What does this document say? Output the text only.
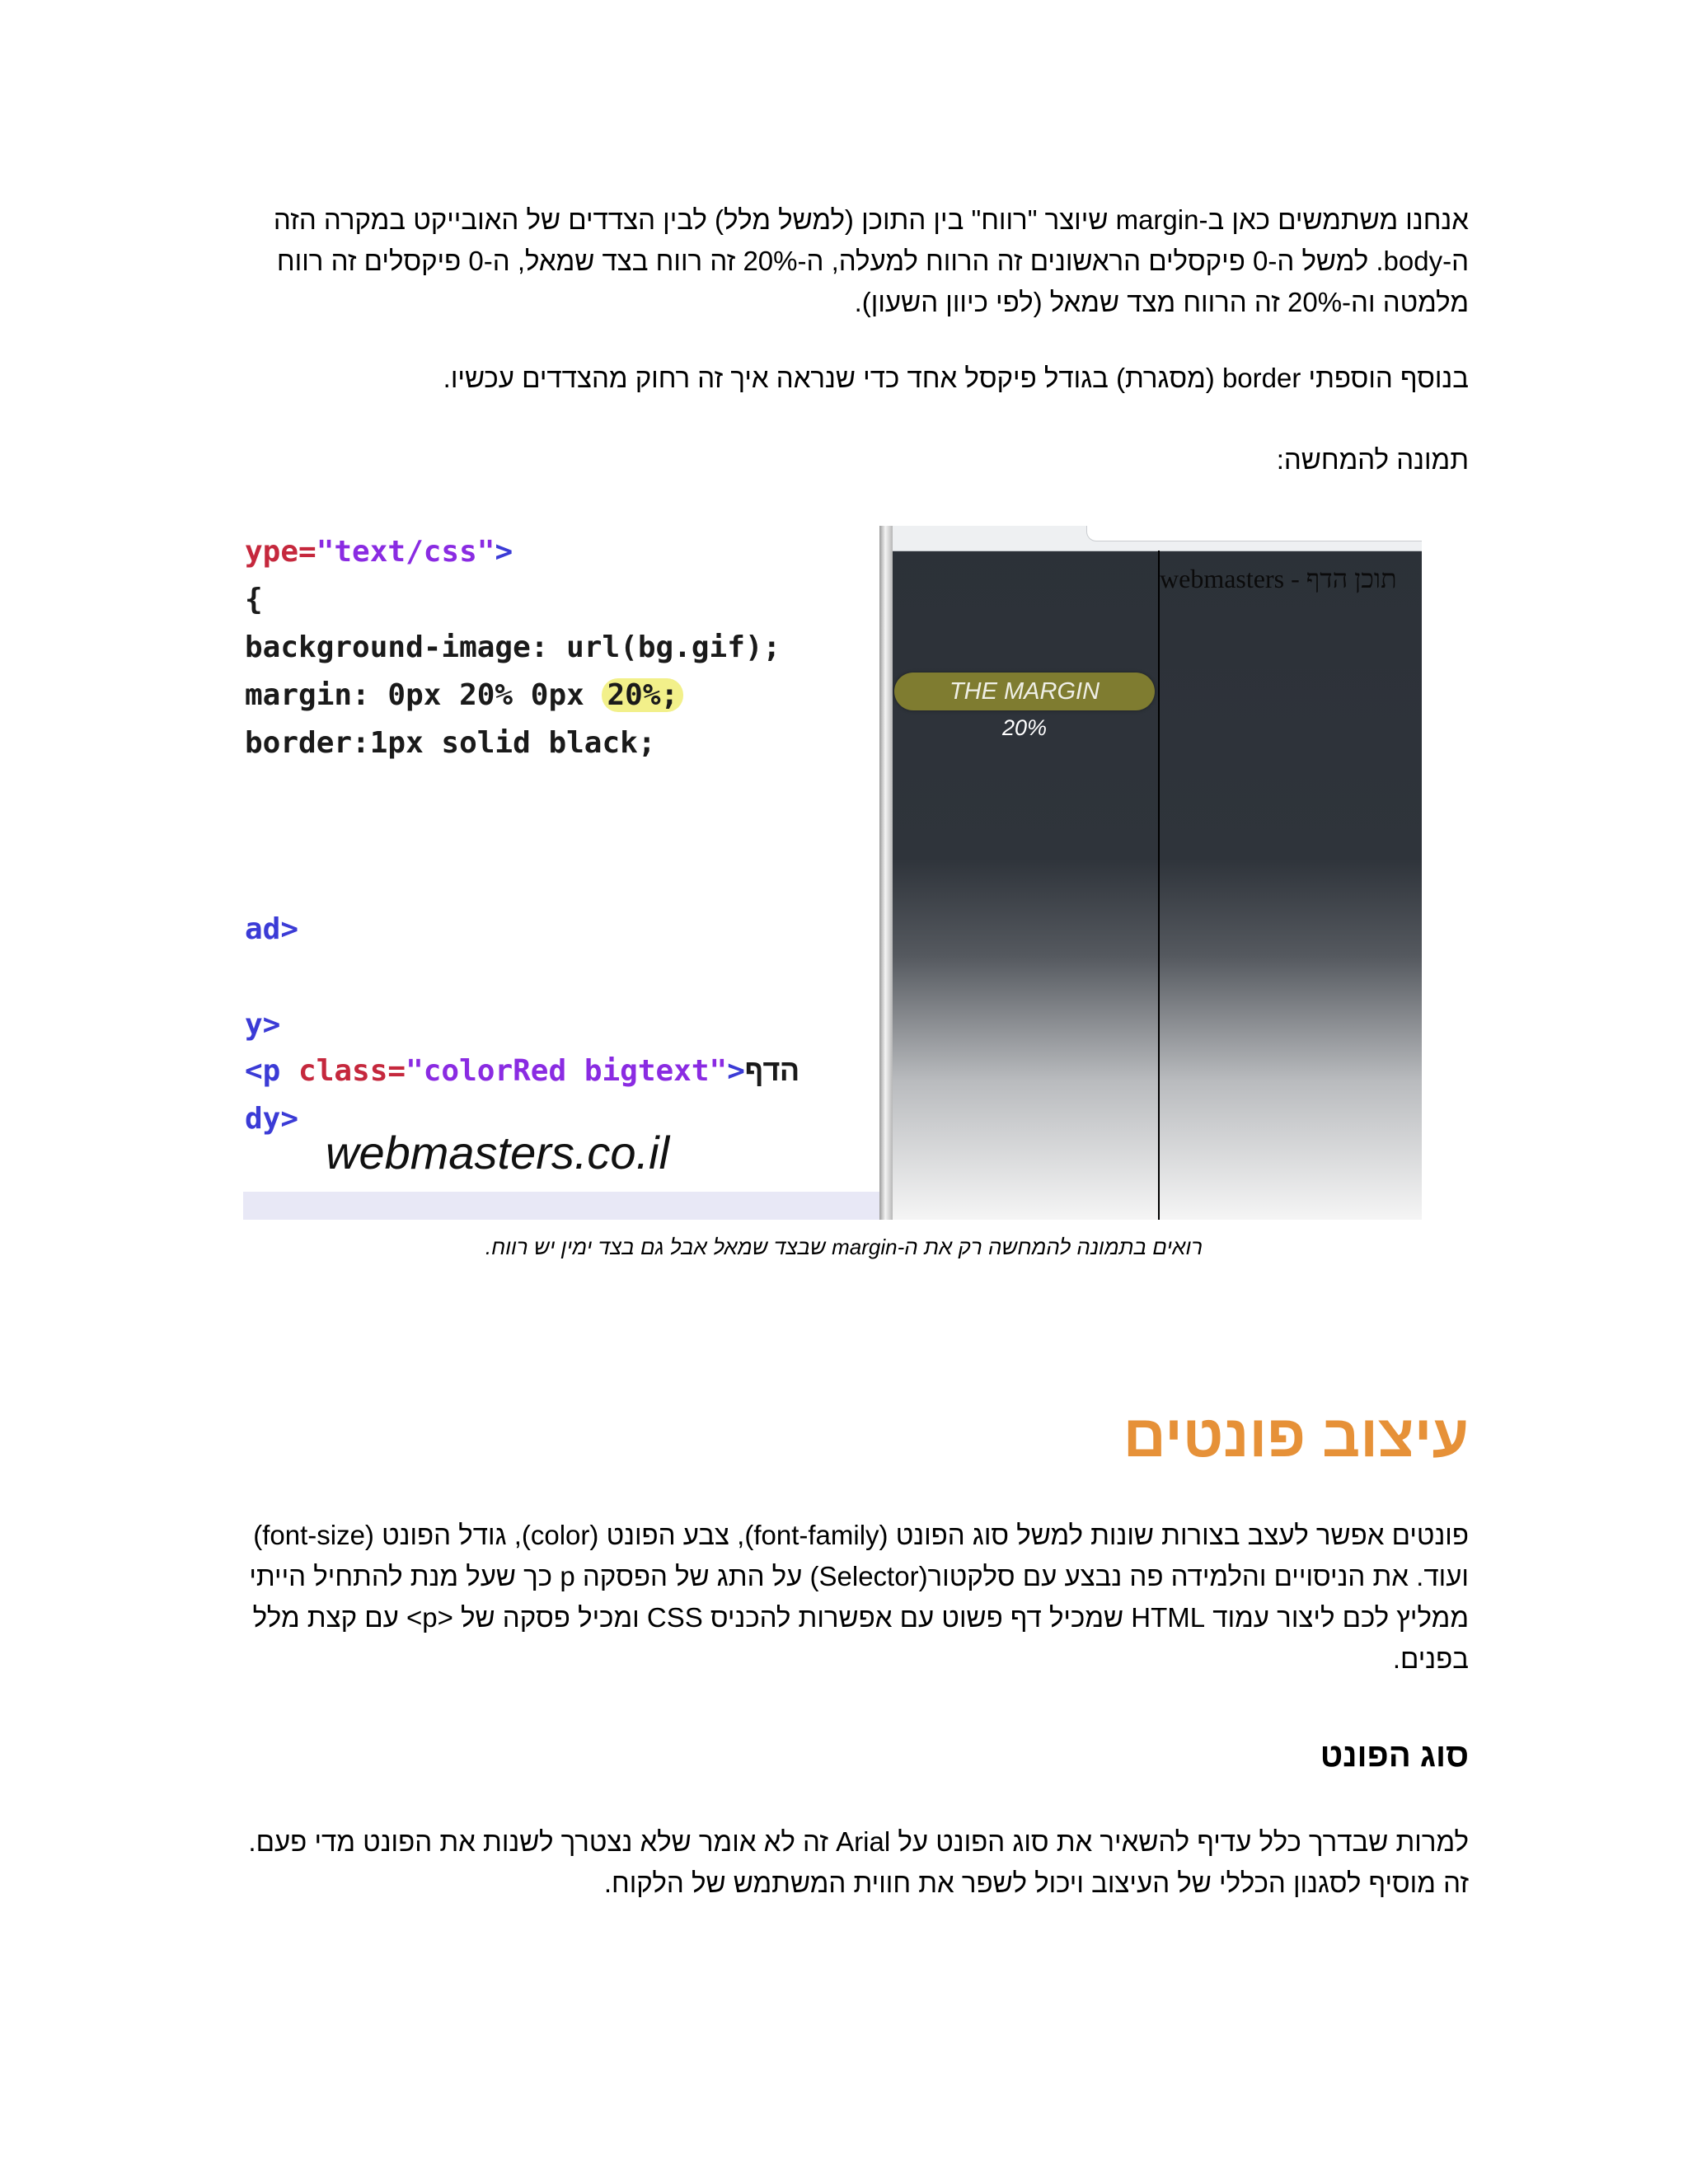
אנחנו משתמשים כאן ב-margin שיוצר "רווח" בין התוכן (למשל מלל) לבין הצדדים של האובייקט במקרה הזה
ה-body. למשל ה-0 פיקסלים הראשונים זה הרווח למעלה, ה-20% זה רווח בצד שמאל, ה-0 פיקסלים זה רווח
מלמטה וה-20% זה הרווח מצד שמאל (לפי כיוון השעון).

בנוסף הוספתי border (מסגרת) בגודל פיקסל אחד כדי שנראה איך זה רחוק מהצדדים עכשיו.

תמונה להמחשה:

ype="text/css">
{
background-image: url(bg.gif);
margin: 0px 20% 0px 20%;
border:1px solid black;
ad>
y>
<p class="colorRed bigtext">הדף
dy>
webmasters.co.il
תוכן הדף - webmasters
THE MARGIN
20%
רואים בתמונה להמחשה רק את ה-margin שבצד שמאל אבל גם בצד ימין יש רווח.
עיצוב פונטים

פונטים אפשר לעצב בצורות שונות למשל סוג הפונט (font-family), צבע הפונט (color), גודל הפונט (font-size)
ועוד. את הניסויים והלמידה פה נבצע עם סלקטור(Selector) על התג של הפסקה p כך שעל מנת להתחיל הייתי
ממליץ לכם ליצור עמוד HTML שמכיל דף פשוט עם אפשרות להכניס CSS ומכיל פסקה של <p> עם קצת מלל
בפנים.

סוג הפונט

למרות שבדרך כלל עדיף להשאיר את סוג הפונט על Arial זה לא אומר שלא נצטרך לשנות את הפונט מדי פעם.
זה מוסיף לסגנון הכללי של העיצוב ויכול לשפר את חווית המשתמש של הלקוח.
